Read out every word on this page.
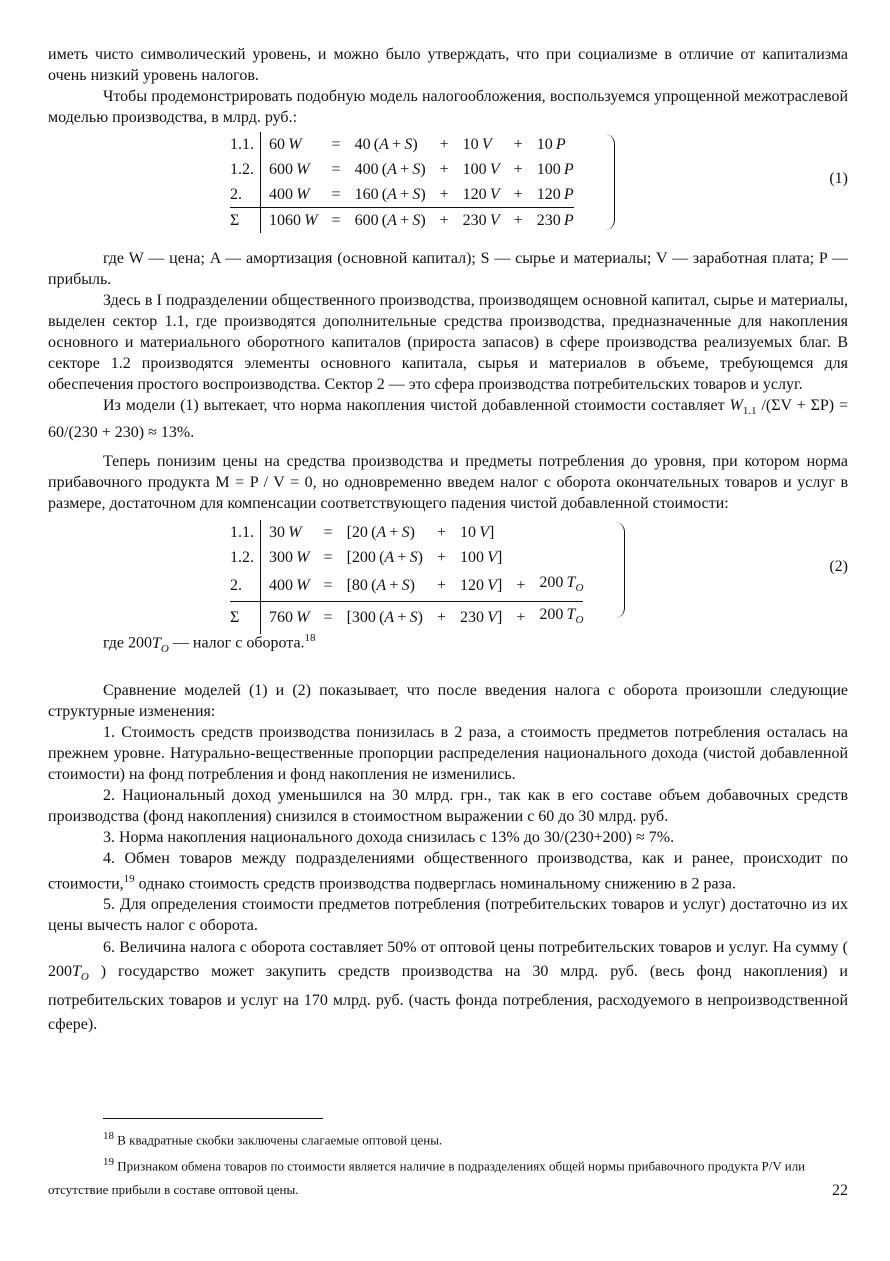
иметь чисто символический уровень, и можно было утверждать, что при социализме в отличие от капитализма очень низкий уровень налогов.

Чтобы продемонстрировать подобную модель налогообложения, воспользуемся упрощенной межотраслевой моделью производства, в млрд. руб.:

1.1.	60 W	=	40 (A + S)	+	10 V	+	10 P
1.2.	600 W	=	400 (A + S)	+	100 V	+	100 P
2.	400 W	=	160 (A + S)	+	120 V	+	120 P
Σ	1060 W	=	600 (A + S)	+	230 V	+	230 P
(1)

где W — цена; A — амортизация (основной капитал); S — сырье и материалы; V — заработная плата; P — прибыль.

Здесь в I подразделении общественного производства, производящем основной капитал, сырье и материалы, выделен сектор 1.1, где производятся дополнительные средства производства, предназначенные для накопления основного и материального оборотного капиталов (прироста запасов) в сфере производства реализуемых благ. В секторе 1.2 производятся элементы основного капитала, сырья и материалов в объеме, требующемся для обеспечения простого воспроизводства. Сектор 2 — это сфера производства потребительских товаров и услуг.

Из модели (1) вытекает, что норма накопления чистой добавленной стоимости составляет $W_{1.1}$ /(ΣV + ΣP) = 60/(230 + 230) ≈ 13%.

Теперь понизим цены на средства производства и предметы потребления до уровня, при котором норма прибавочного продукта M = P / V = 0, но одновременно введем налог с оборота окончательных товаров и услуг в размере, достаточном для компенсации соответствующего падения чистой добавленной стоимости:

1.1.	30 W	=	[20 (A + S)	+	10 V]		
1.2.	300 W	=	[200 (A + S)	+	100 V]		
2.	400 W	=	[80 (A + S)	+	120 V]	+	200 $T_O$
Σ	760 W	=	[300 (A + S)	+	230 V]	+	200 $T_O$
(2)

где $200T_O$ — налог с оборота.$^{18}$

Сравнение моделей (1) и (2) показывает, что после введения налога с оборота произошли следующие структурные изменения:

1. Стоимость средств производства понизилась в 2 раза, а стоимость предметов потребления осталась на прежнем уровне. Натурально-вещественные пропорции распределения национального дохода (чистой добавленной стоимости) на фонд потребления и фонд накопления не изменились.

2. Национальный доход уменьшился на 30 млрд. грн., так как в его составе объем добавочных средств производства (фонд накопления) снизился в стоимостном выражении с 60 до 30 млрд. руб.

3. Норма накопления национального дохода снизилась с 13% до 30/(230+200) ≈ 7%.

4. Обмен товаров между подразделениями общественного производства, как и ранее, происходит по стоимости,$^{19}$ однако стоимость средств производства подверглась номинальному снижению в 2 раза.

5. Для определения стоимости предметов потребления (потребительских товаров и услуг) достаточно из их цены вычесть налог с оборота.

6. Величина налога с оборота составляет 50% от оптовой цены потребительских товаров и услуг. На сумму ( $200T_O$ ) государство может закупить средств производства на 30 млрд. руб. (весь фонд накопления) и потребительских товаров и услуг на 170 млрд. руб. (часть фонда потребления, расходуемого в непроизводственной сфере).

$^{18}$ В квадратные скобки заключены слагаемые оптовой цены.
$^{19}$ Признаком обмена товаров по стоимости является наличие в подразделениях общей нормы прибавочного продукта P/V или отсутствие прибыли в составе оптовой цены.	22
